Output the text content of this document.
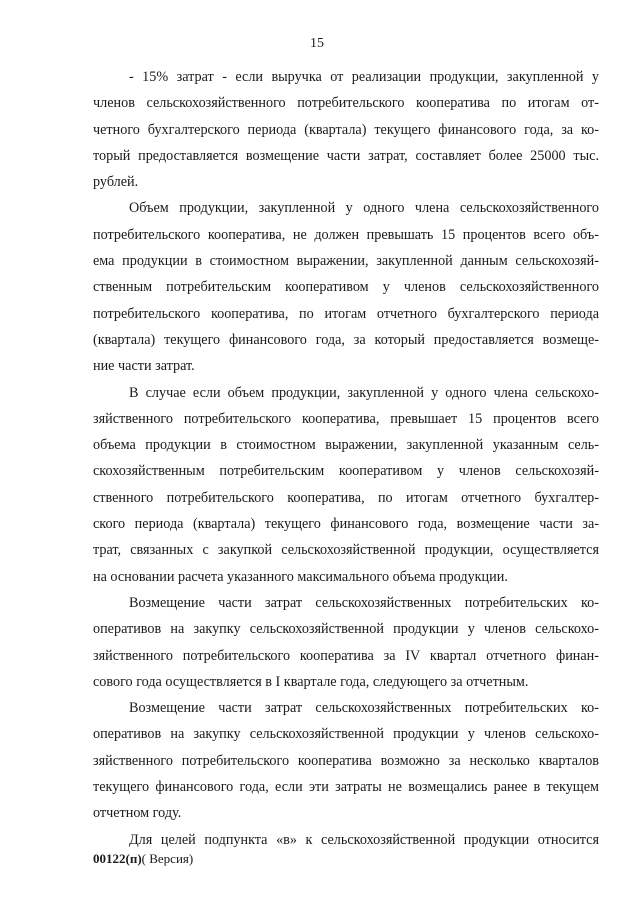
15
- 15% затрат - если выручка от реализации продукции, закупленной у
членов сельскохозяйственного потребительского кооператива по итогам от-
четного бухгалтерского периода (квартала) текущего финансового года, за ко-
торый предоставляется возмещение части затрат, составляет более 25000 тыс.
рублей.
Объем продукции, закупленной у одного члена сельскохозяйственного
потребительского кооператива, не должен превышать 15 процентов всего объ-
ема продукции в стоимостном выражении, закупленной данным сельскохозяй-
ственным потребительским кооперативом у членов сельскохозяйственного
потребительского кооператива, по итогам отчетного бухгалтерского периода
(квартала) текущего финансового года, за который предоставляется возмеще-
ние части затрат.
В случае если объем продукции, закупленной у одного члена сельскохо-
зяйственного потребительского кооператива, превышает 15 процентов всего
объема продукции в стоимостном выражении, закупленной указанным сель-
скохозяйственным потребительским кооперативом у членов сельскохозяй-
ственного потребительского кооператива, по итогам отчетного бухгалтер-
ского периода (квартала) текущего финансового года, возмещение части за-
трат, связанных с закупкой сельскохозяйственной продукции, осуществляется
на основании расчета указанного максимального объема продукции.
Возмещение части затрат сельскохозяйственных потребительских ко-
оперативов на закупку сельскохозяйственной продукции у членов сельскохо-
зяйственного потребительского кооператива за IV квартал отчетного финан-
сового года осуществляется в I квартале года, следующего за отчетным.
Возмещение части затрат сельскохозяйственных потребительских ко-
оперативов на закупку сельскохозяйственной продукции у членов сельскохо-
зяйственного потребительского кооператива возможно за несколько кварталов
текущего финансового года, если эти затраты не возмещались ранее в текущем
отчетном году.
Для целей подпункта «в» к сельскохозяйственной продукции относится
00122(п)( Версия)
